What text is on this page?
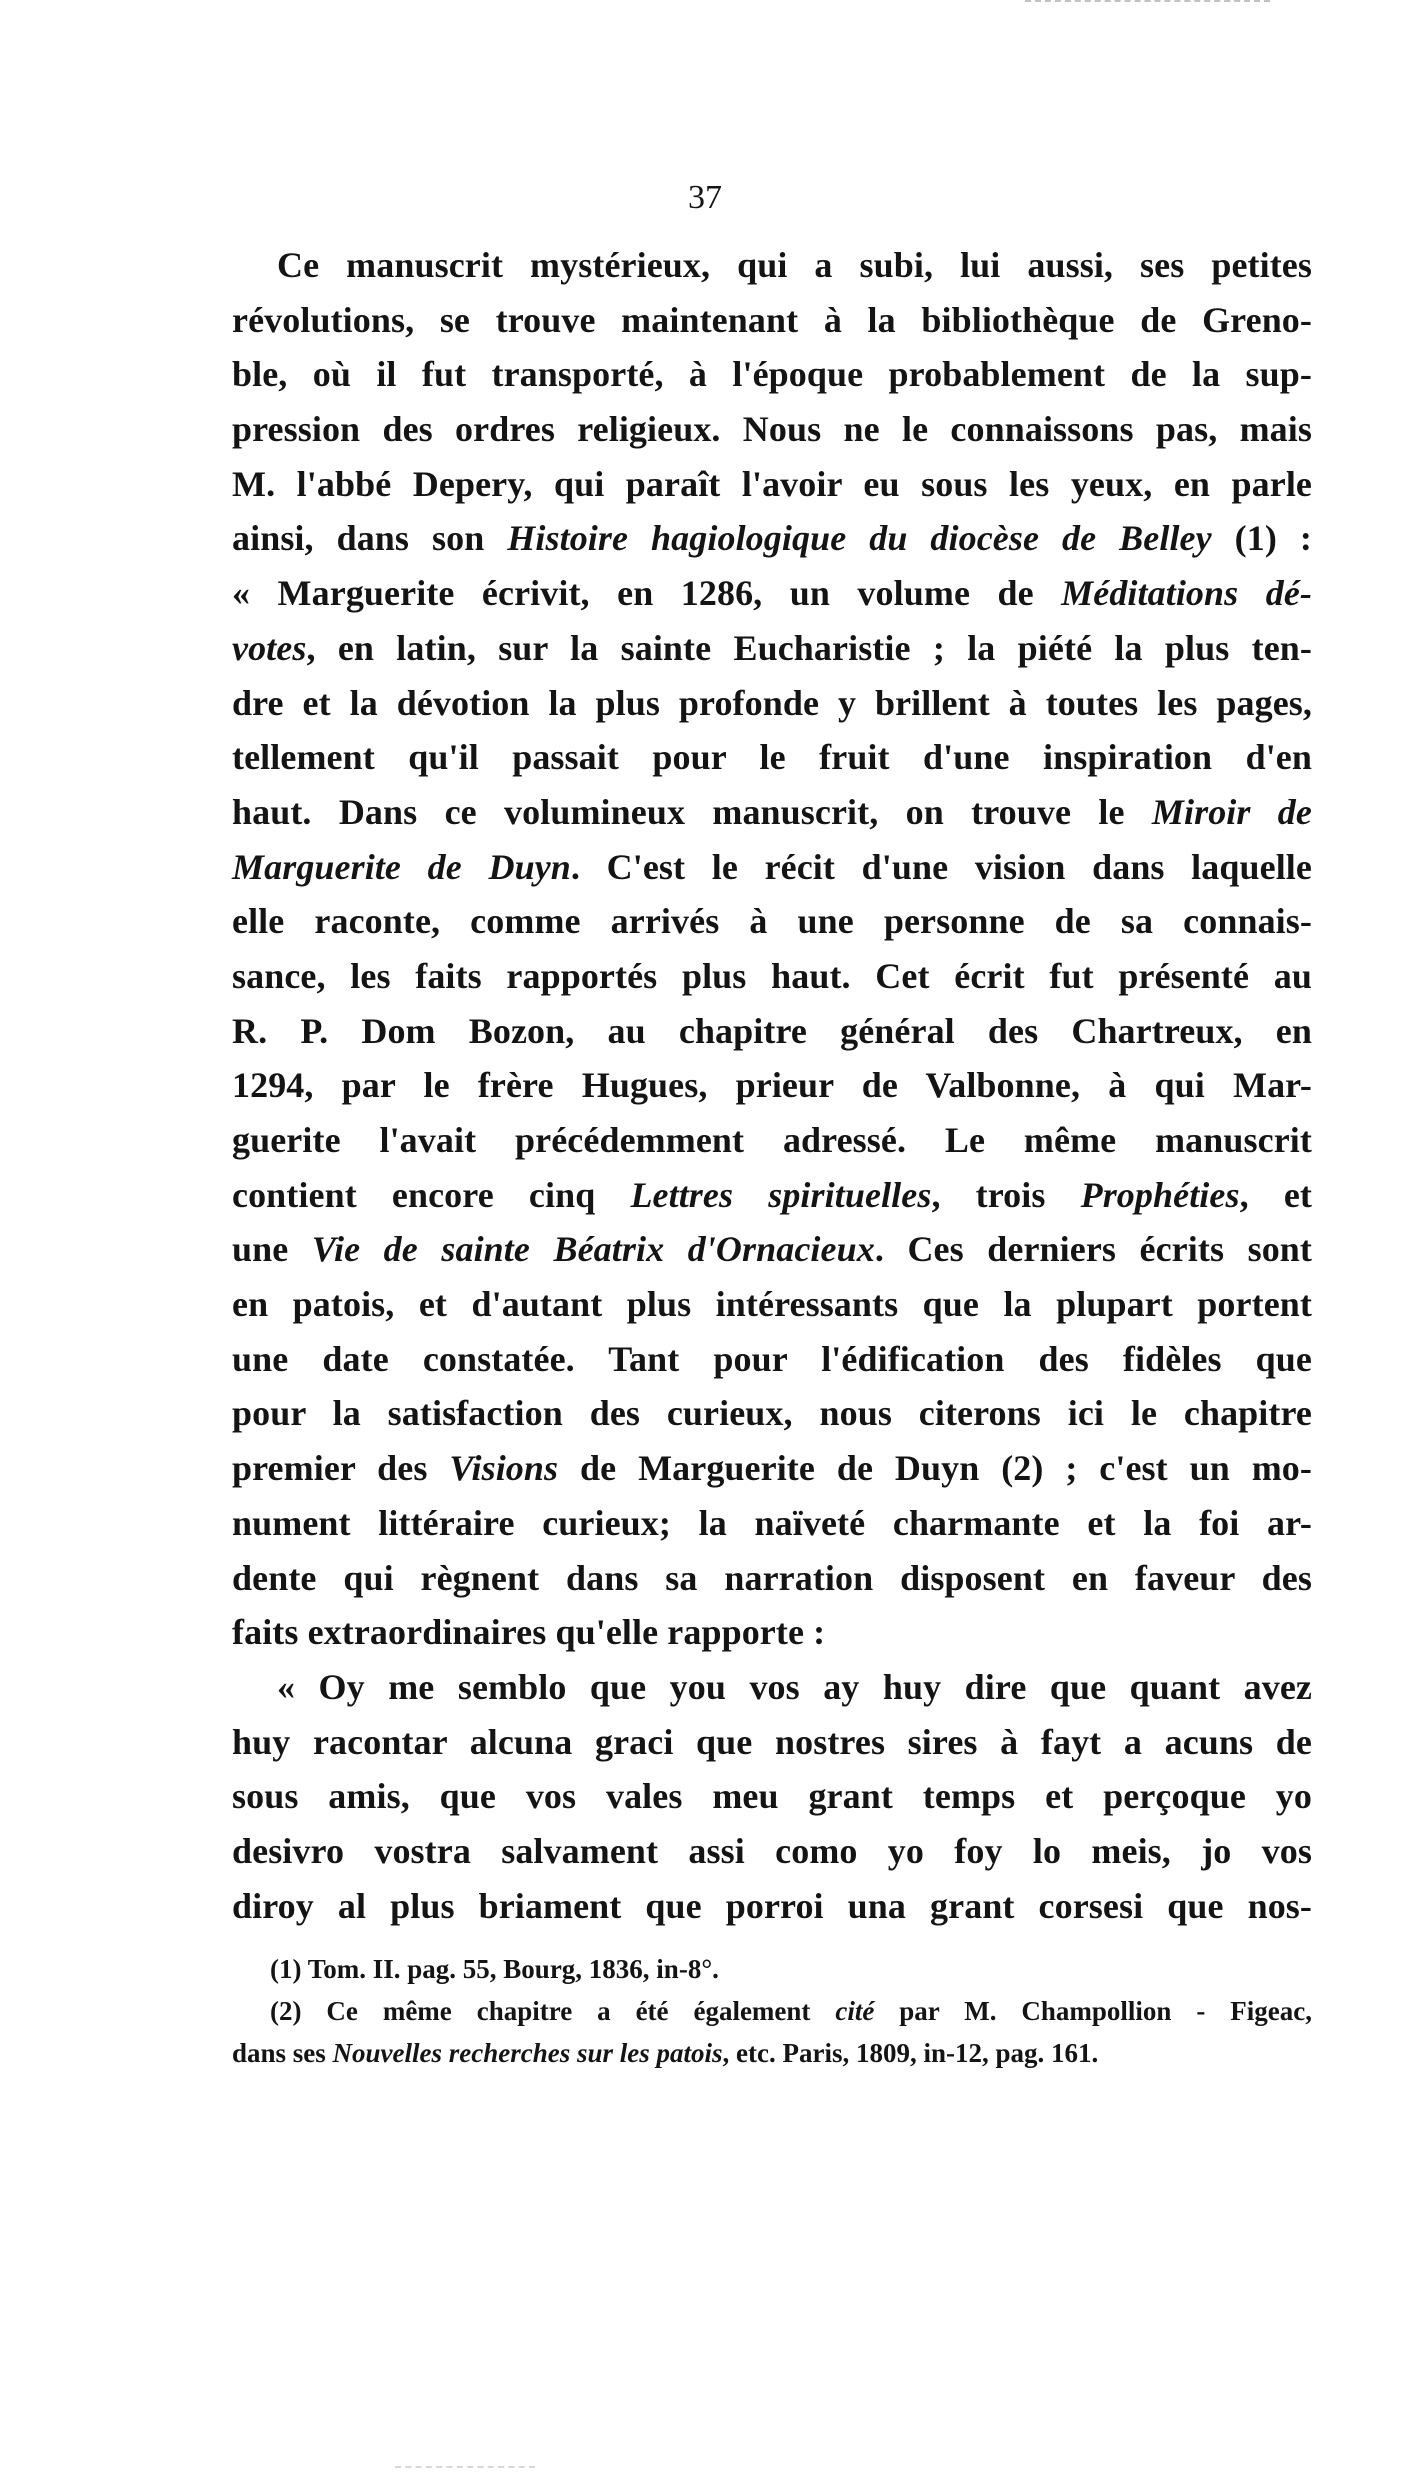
37
Ce manuscrit mystérieux, qui a subi, lui aussi, ses petites
révolutions, se trouve maintenant à la bibliothèque de Greno-
ble, où il fut transporté, à l'époque probablement de la sup-
pression des ordres religieux. Nous ne le connaissons pas, mais
M. l'abbé Depery, qui paraît l'avoir eu sous les yeux, en parle
ainsi, dans son Histoire hagiologique du diocèse de Belley (1) :
« Marguerite écrivit, en 1286, un volume de Méditations dé-
votes, en latin, sur la sainte Eucharistie ; la piété la plus ten-
dre et la dévotion la plus profonde y brillent à toutes les pages,
tellement qu'il passait pour le fruit d'une inspiration d'en
haut. Dans ce volumineux manuscrit, on trouve le Miroir de
Marguerite de Duyn. C'est le récit d'une vision dans laquelle
elle raconte, comme arrivés à une personne de sa connais-
sance, les faits rapportés plus haut. Cet écrit fut présenté au
R. P. Dom Bozon, au chapitre général des Chartreux, en
1294, par le frère Hugues, prieur de Valbonne, à qui Mar-
guerite l'avait précédemment adressé. Le même manuscrit
contient encore cinq Lettres spirituelles, trois Prophéties, et
une Vie de sainte Béatrix d'Ornacieux. Ces derniers écrits sont
en patois, et d'autant plus intéressants que la plupart portent
une date constatée. Tant pour l'édification des fidèles que
pour la satisfaction des curieux, nous citerons ici le chapitre
premier des Visions de Marguerite de Duyn (2) ; c'est un mo-
nument littéraire curieux; la naïveté charmante et la foi ar-
dente qui règnent dans sa narration disposent en faveur des
faits extraordinaires qu'elle rapporte :
« Oy me semblo que you vos ay huy dire que quant avez
huy racontar alcuna graci que nostres sires à fayt a acuns de
sous amis, que vos vales meu grant temps et perçoque yo
desivro vostra salvament assi como yo foy lo meis, jo vos
diroy al plus briament que porroi una grant corsesi que nos-
(1) Tom. II. pag. 55, Bourg, 1836, in-8°.
(2) Ce même chapitre a été également cité par M. Champollion - Figeac,
dans ses Nouvelles recherches sur les patois, etc. Paris, 1809, in-12, pag. 161.
